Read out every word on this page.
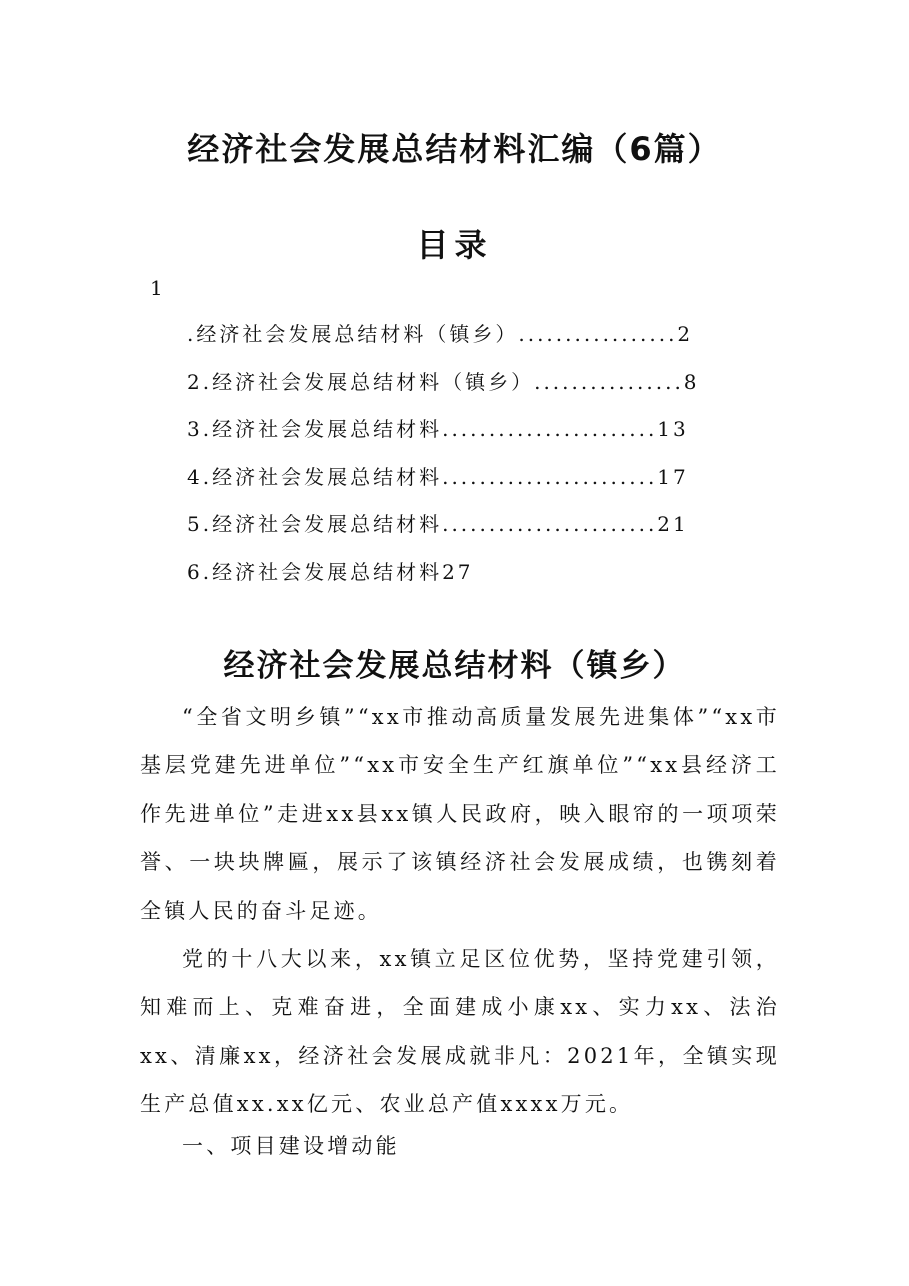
经济社会发展总结材料汇编（6篇）
目录
1
.经济社会发展总结材料（镇乡）.................2
2.经济社会发展总结材料（镇乡）................8
3.经济社会发展总结材料.......................13
4.经济社会发展总结材料.......................17
5.经济社会发展总结材料.......................21
6.经济社会发展总结材料27
经济社会发展总结材料（镇乡）

“全省文明乡镇”“xx市推动高质量发展先进集体”“xx市基层党建先进单位”“xx市安全生产红旗单位”“xx县经济工作先进单位”走进xx县xx镇人民政府，映入眼帘的一项项荣誉、一块块牌匾，展示了该镇经济社会发展成绩，也镌刻着全镇人民的奋斗足迹。

党的十八大以来，xx镇立足区位优势，坚持党建引领，知难而上、克难奋进，全面建成小康xx、实力xx、法治xx、清廉xx，经济社会发展成就非凡：2021年，全镇实现生产总值xx.xx亿元、农业总产值xxxx万元。

一、项目建设增动能
